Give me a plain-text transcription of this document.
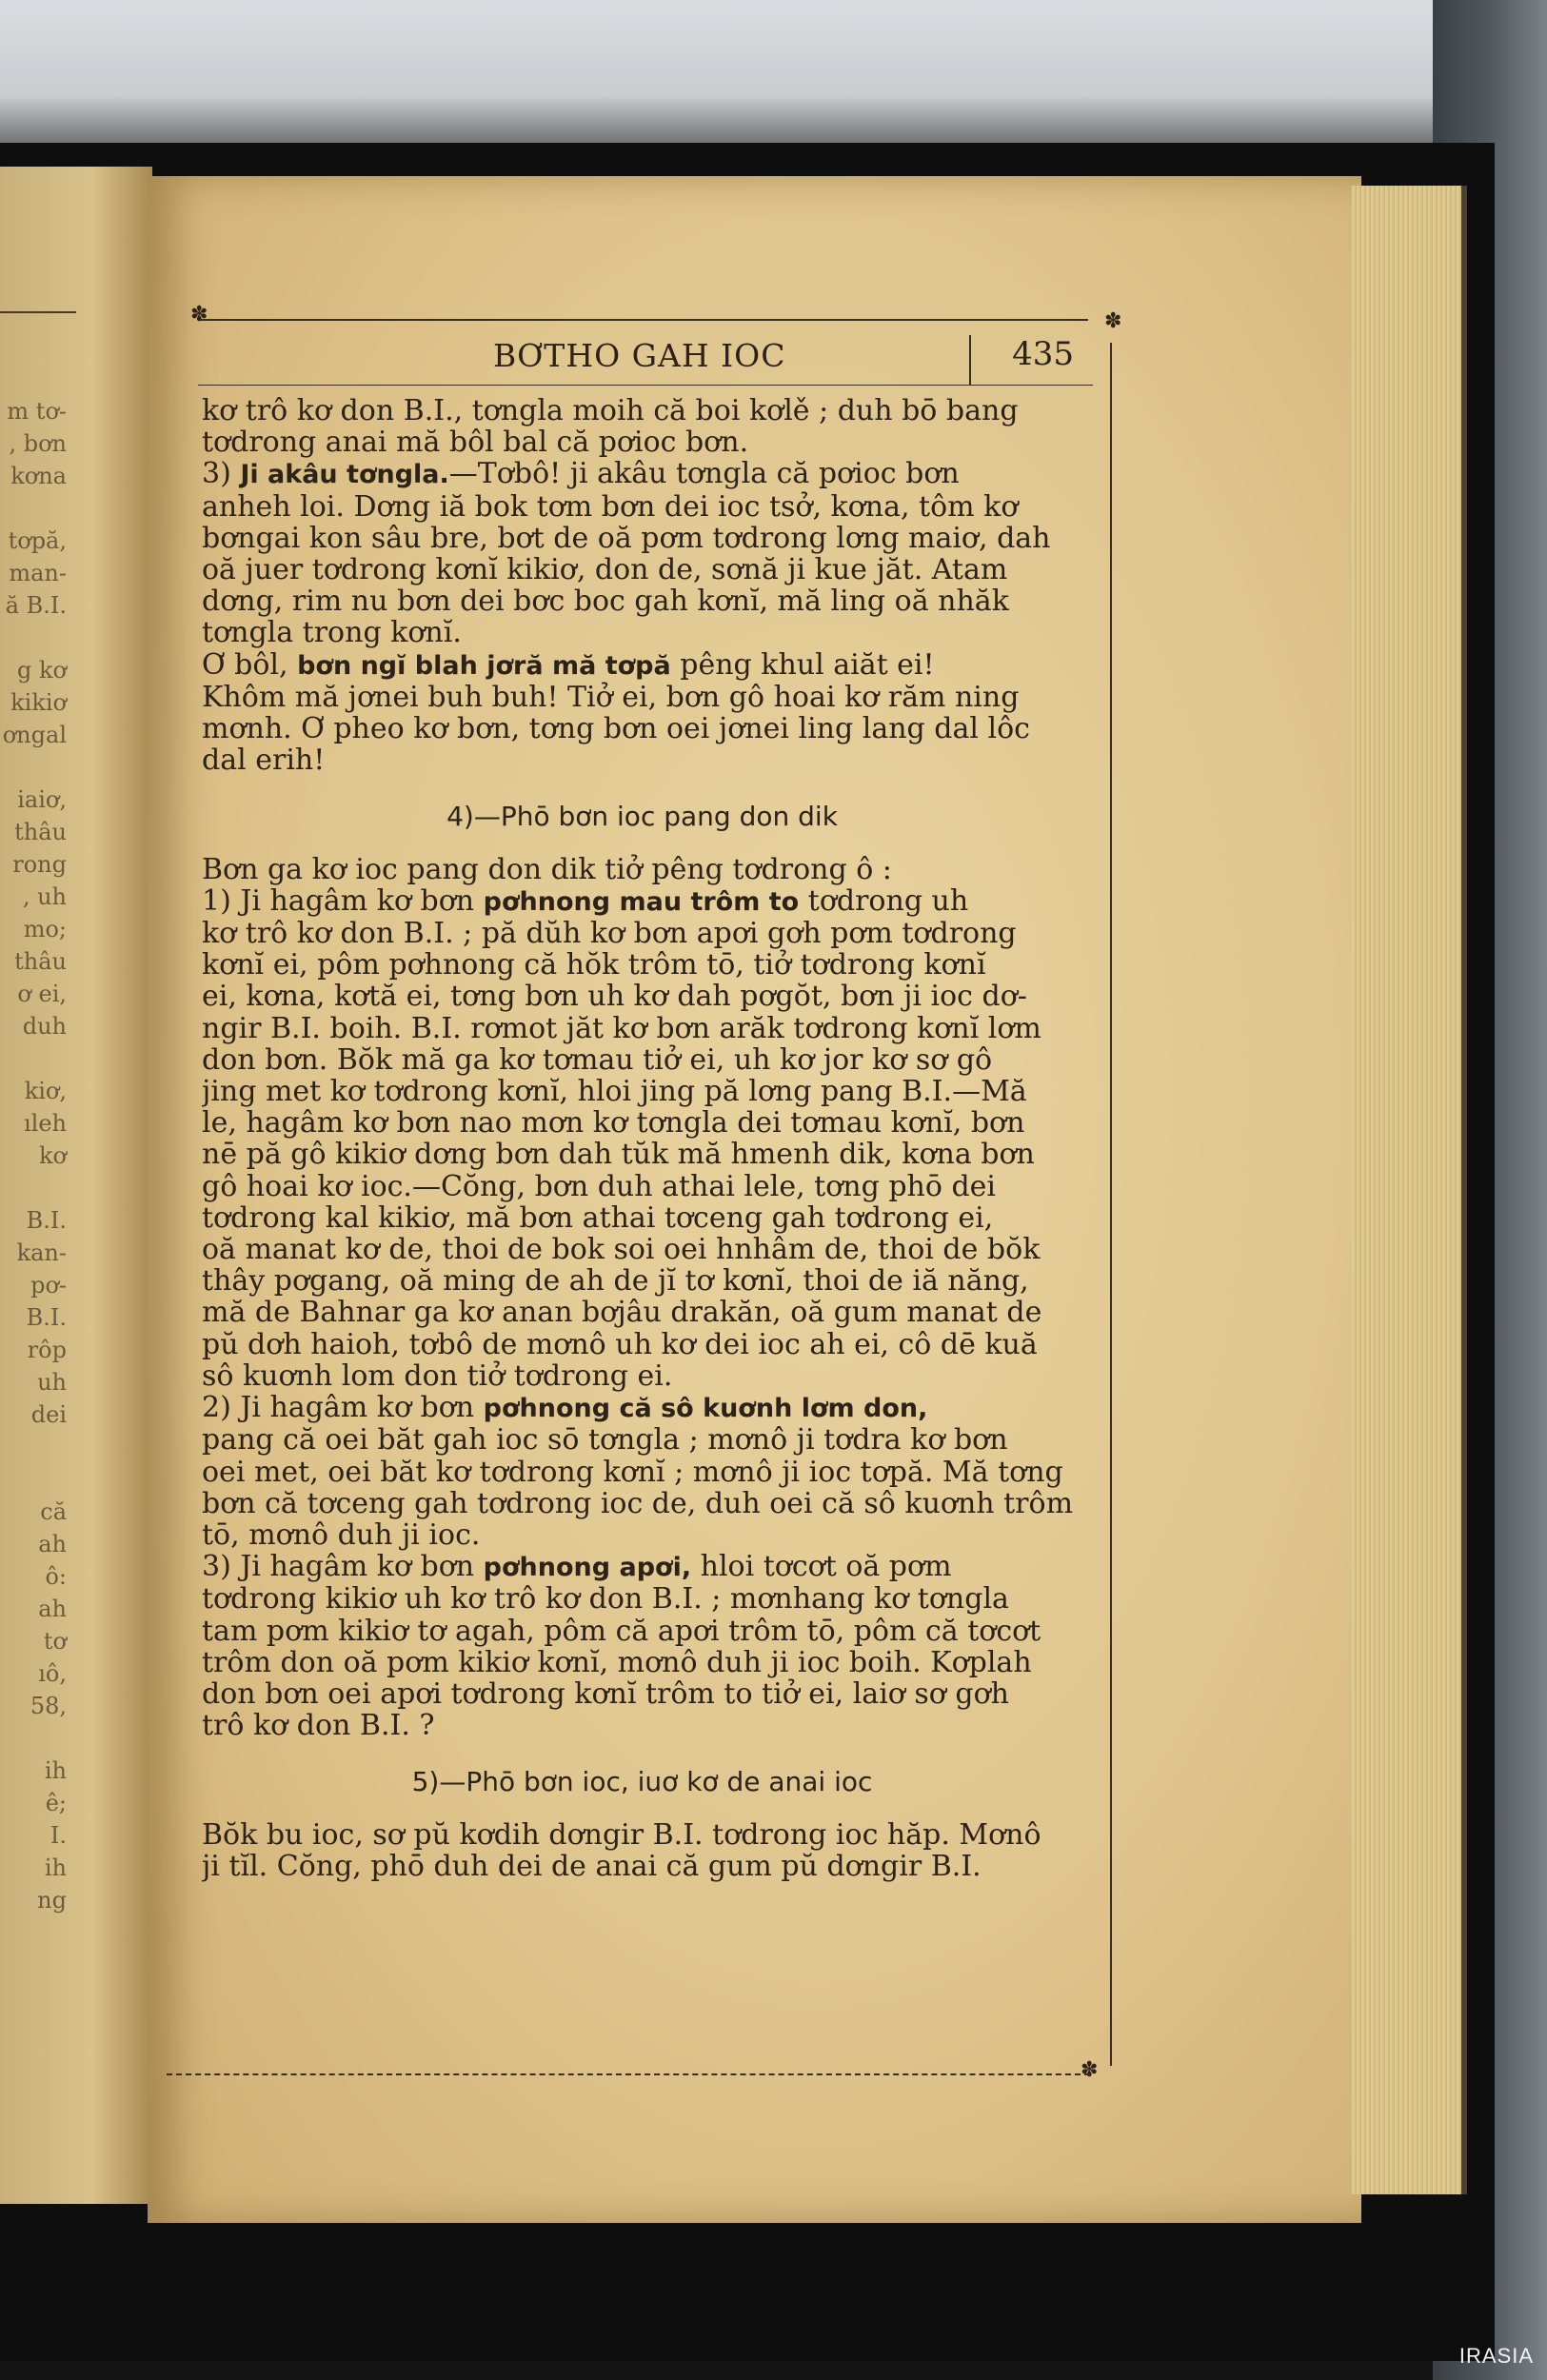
m tơ-
, bơn
kơna

tơpă,
man-
ă B.I.

g kơ
kikiơ
ơngal

iaiơ,
thâu
rong
, uh
mo;
thâu
ơ ei,
duh

kiơ,
ıleh
kơ

B.I.
kan-
pơ-
B.I.
rôp
uh
dei

că
ah
ô:
ah
tơ
ıô,
58,

ih
ê;
I.
ih
ng
✽	✽
✽
BƠTHO GAH IOC	435
kơ trô kơ don B.I., tơngla moih că boi kơlě ; duh bō bang
tơdrong anai mă bôl bal că pơioc bơn.
3) Ji akâu tơngla.—Tơbô! ji akâu tơngla că pơioc bơn
anheh loi. Dơng iă bok tơm bơn dei ioc tsở, kơna, tôm kơ
bơngai kon sâu bre, bơt de oă pơm tơdrong lơng maiơ, dah
oă juer tơdrong kơnĭ kikiơ, don de, sơnă ji kue jăt. Atam
dơng, rim nu bơn dei bơc boc gah kơnĭ, mă ling oă nhăk
tơngla trong kơnĭ.
Ơ bôl, bơn ngĭ blah jơră mă tơpă pêng khul aiăt ei!
Khôm mă jơnei buh buh! Tiở ei, bơn gô hoai kơ răm ning
mơnh. Ơ pheo kơ bơn, tơng bơn oei jơnei ling lang dal lôc
dal erih!
4)—Phō bơn ioc pang don dik
Bơn ga kơ ioc pang don dik tiở pêng tơdrong ô :
1) Ji hagâm kơ bơn pơhnong mau trôm to tơdrong uh
kơ trô kơ don B.I. ; pă dŭh kơ bơn apơi gơh pơm tơdrong
kơnĭ ei, pôm pơhnong că hŏk trôm tō, tiở tơdrong kơnĭ
ei, kơna, kơtă ei, tơng bơn uh kơ dah pơgŏt, bơn ji ioc dơ-
ngir B.I. boih. B.I. rơmot jăt kơ bơn arăk tơdrong kơnĭ lơm
don bơn. Bŏk mă ga kơ tơmau tiở ei, uh kơ jor kơ sơ gô
jing met kơ tơdrong kơnĭ, hloi jing pă lơng pang B.I.—Mă
le, hagâm kơ bơn nao mơn kơ tơngla dei tơmau kơnĭ, bơn
nē pă gô kikiơ dơng bơn dah tŭk mă hmenh dik, kơna bơn
gô hoai kơ ioc.—Cŏng, bơn duh athai lele, tơng phō dei
tơdrong kal kikiơ, mă bơn athai tơceng gah tơdrong ei,
oă manat kơ de, thoi de bok soi oei hnhâm de, thoi de bŏk
thây pơgang, oă ming de ah de jĭ tơ kơnĭ, thoi de iă năng,
mă de Bahnar ga kơ anan bơjâu drakăn, oă gum manat de
pŭ dơh haioh, tơbô de mơnô uh kơ dei ioc ah ei, cô dē kuă
sô kuơnh lom don tiở tơdrong ei.
2) Ji hagâm kơ bơn pơhnong că sô kuơnh lơm don,
pang că oei băt gah ioc sō tơngla ; mơnô ji tơdra kơ bơn
oei met, oei băt kơ tơdrong kơnĭ ; mơnô ji ioc tơpă. Mă tơng
bơn că tơceng gah tơdrong ioc de, duh oei că sô kuơnh trôm
tō, mơnô duh ji ioc.
3) Ji hagâm kơ bơn pơhnong apơi, hloi tơcơt oă pơm
tơdrong kikiơ uh kơ trô kơ don B.I. ; mơnhang kơ tơngla
tam pơm kikiơ tơ agah, pôm că apơi trôm tō, pôm că tơcơt
trôm don oă pơm kikiơ kơnĭ, mơnô duh ji ioc boih. Kơplah
don bơn oei apơi tơdrong kơnĭ trôm to tiở ei, laiơ sơ gơh
trô kơ don B.I. ?
5)—Phō bơn ioc, iuơ kơ de anai ioc
Bŏk bu ioc, sơ pŭ kơdih dơngir B.I. tơdrong ioc hăp. Mơnô
ji tĭl. Cŏng, phō duh dei de anai că gum pŭ dơngir B.I.
IRASIA
